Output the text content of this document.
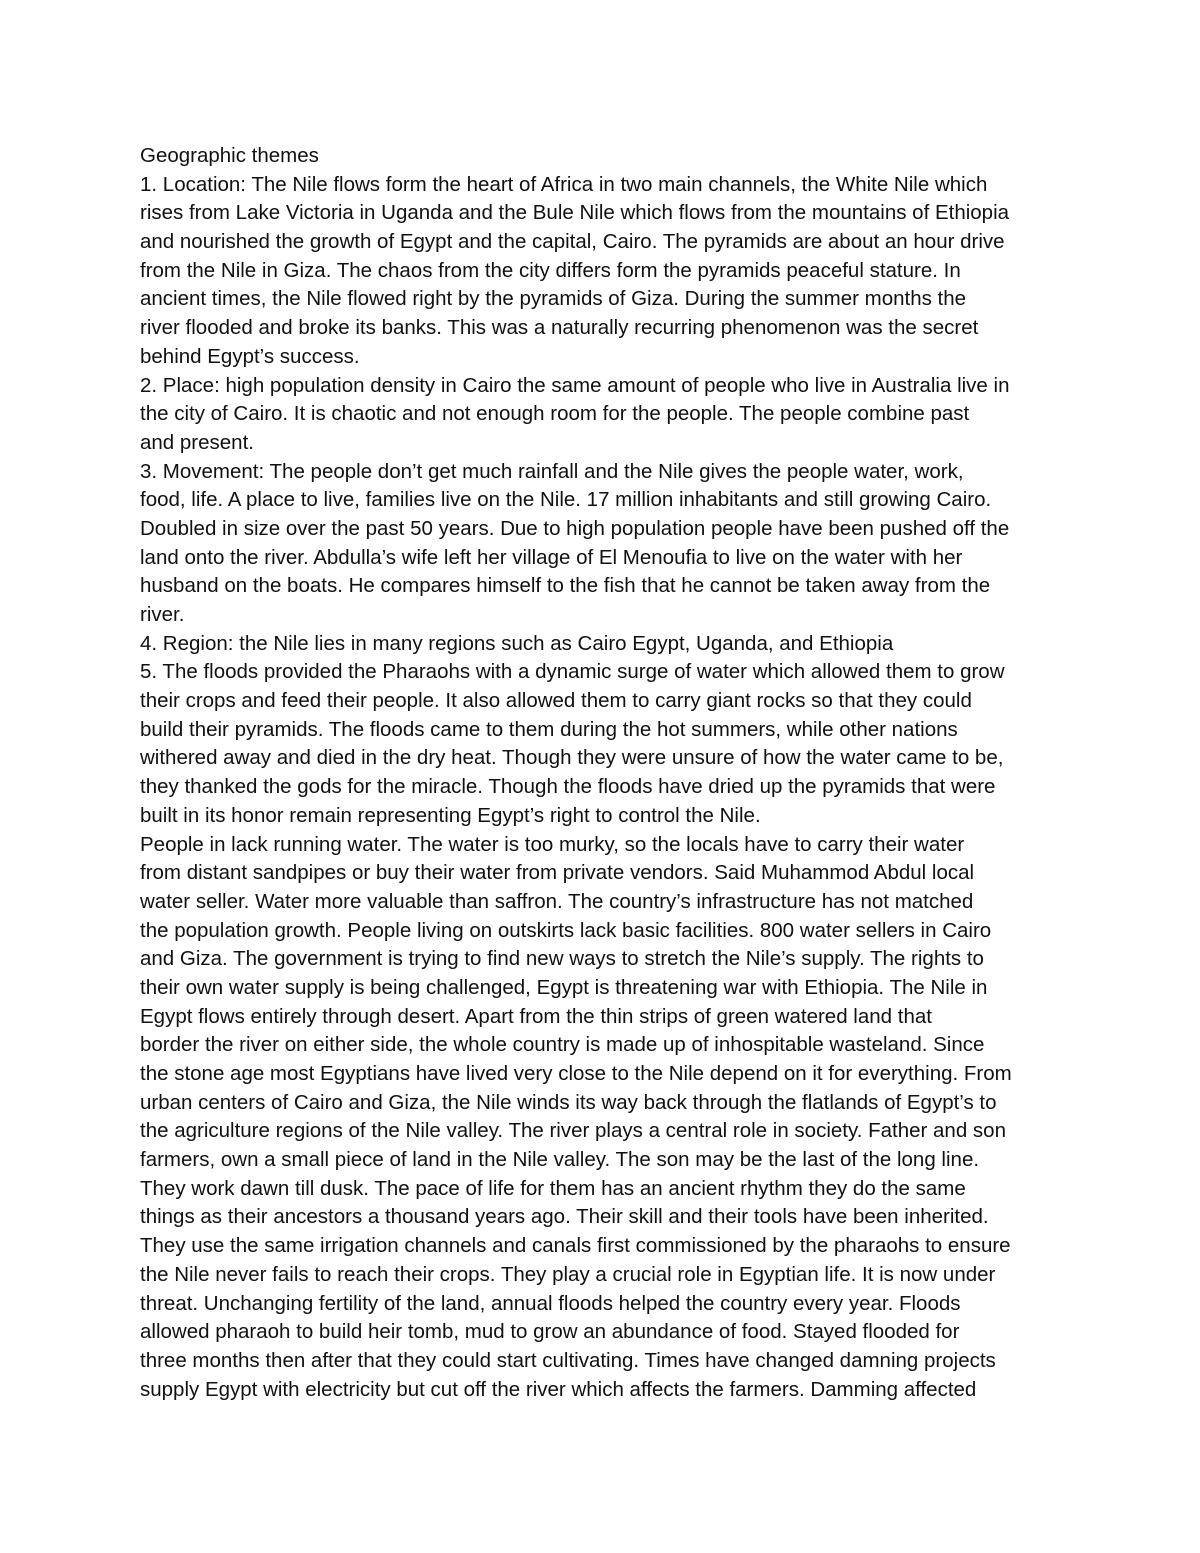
Geographic themes
1. Location: The Nile flows form the heart of Africa in two main channels, the White Nile which
rises from Lake Victoria in Uganda and the Bule Nile which flows from the mountains of Ethiopia
and nourished the growth of Egypt and the capital, Cairo. The pyramids are about an hour drive
from the Nile in Giza. The chaos from the city differs form the pyramids peaceful stature. In
ancient times, the Nile flowed right by the pyramids of Giza. During the summer months the
river flooded and broke its banks. This was a naturally recurring phenomenon was the secret
behind Egypt’s success.
2. Place: high population density in Cairo the same amount of people who live in Australia live in
the city of Cairo. It is chaotic and not enough room for the people. The people combine past
and present.
3. Movement: The people don’t get much rainfall and the Nile gives the people water, work,
food, life. A place to live, families live on the Nile. 17 million inhabitants and still growing Cairo.
Doubled in size over the past 50 years. Due to high population people have been pushed off the
land onto the river. Abdulla’s wife left her village of El Menoufia to live on the water with her
husband on the boats. He compares himself to the fish that he cannot be taken away from the
river.
4. Region: the Nile lies in many regions such as Cairo Egypt, Uganda, and Ethiopia
5. The floods provided the Pharaohs with a dynamic surge of water which allowed them to grow
their crops and feed their people. It also allowed them to carry giant rocks so that they could
build their pyramids. The floods came to them during the hot summers, while other nations
withered away and died in the dry heat. Though they were unsure of how the water came to be,
they thanked the gods for the miracle. Though the floods have dried up the pyramids that were
built in its honor remain representing Egypt’s right to control the Nile.
People in lack running water. The water is too murky, so the locals have to carry their water
from distant sandpipes or buy their water from private vendors. Said Muhammod Abdul local
water seller. Water more valuable than saffron. The country’s infrastructure has not matched
the population growth. People living on outskirts lack basic facilities. 800 water sellers in Cairo
and Giza. The government is trying to find new ways to stretch the Nile’s supply. The rights to
their own water supply is being challenged, Egypt is threatening war with Ethiopia. The Nile in
Egypt flows entirely through desert. Apart from the thin strips of green watered land that
border the river on either side, the whole country is made up of inhospitable wasteland. Since
the stone age most Egyptians have lived very close to the Nile depend on it for everything. From
urban centers of Cairo and Giza, the Nile winds its way back through the flatlands of Egypt’s to
the agriculture regions of the Nile valley. The river plays a central role in society. Father and son
farmers, own a small piece of land in the Nile valley. The son may be the last of the long line.
They work dawn till dusk. The pace of life for them has an ancient rhythm they do the same
things as their ancestors a thousand years ago. Their skill and their tools have been inherited.
They use the same irrigation channels and canals first commissioned by the pharaohs to ensure
the Nile never fails to reach their crops. They play a crucial role in Egyptian life. It is now under
threat. Unchanging fertility of the land, annual floods helped the country every year. Floods
allowed pharaoh to build heir tomb, mud to grow an abundance of food. Stayed flooded for
three months then after that they could start cultivating. Times have changed damning projects
supply Egypt with electricity but cut off the river which affects the farmers. Damming affected
